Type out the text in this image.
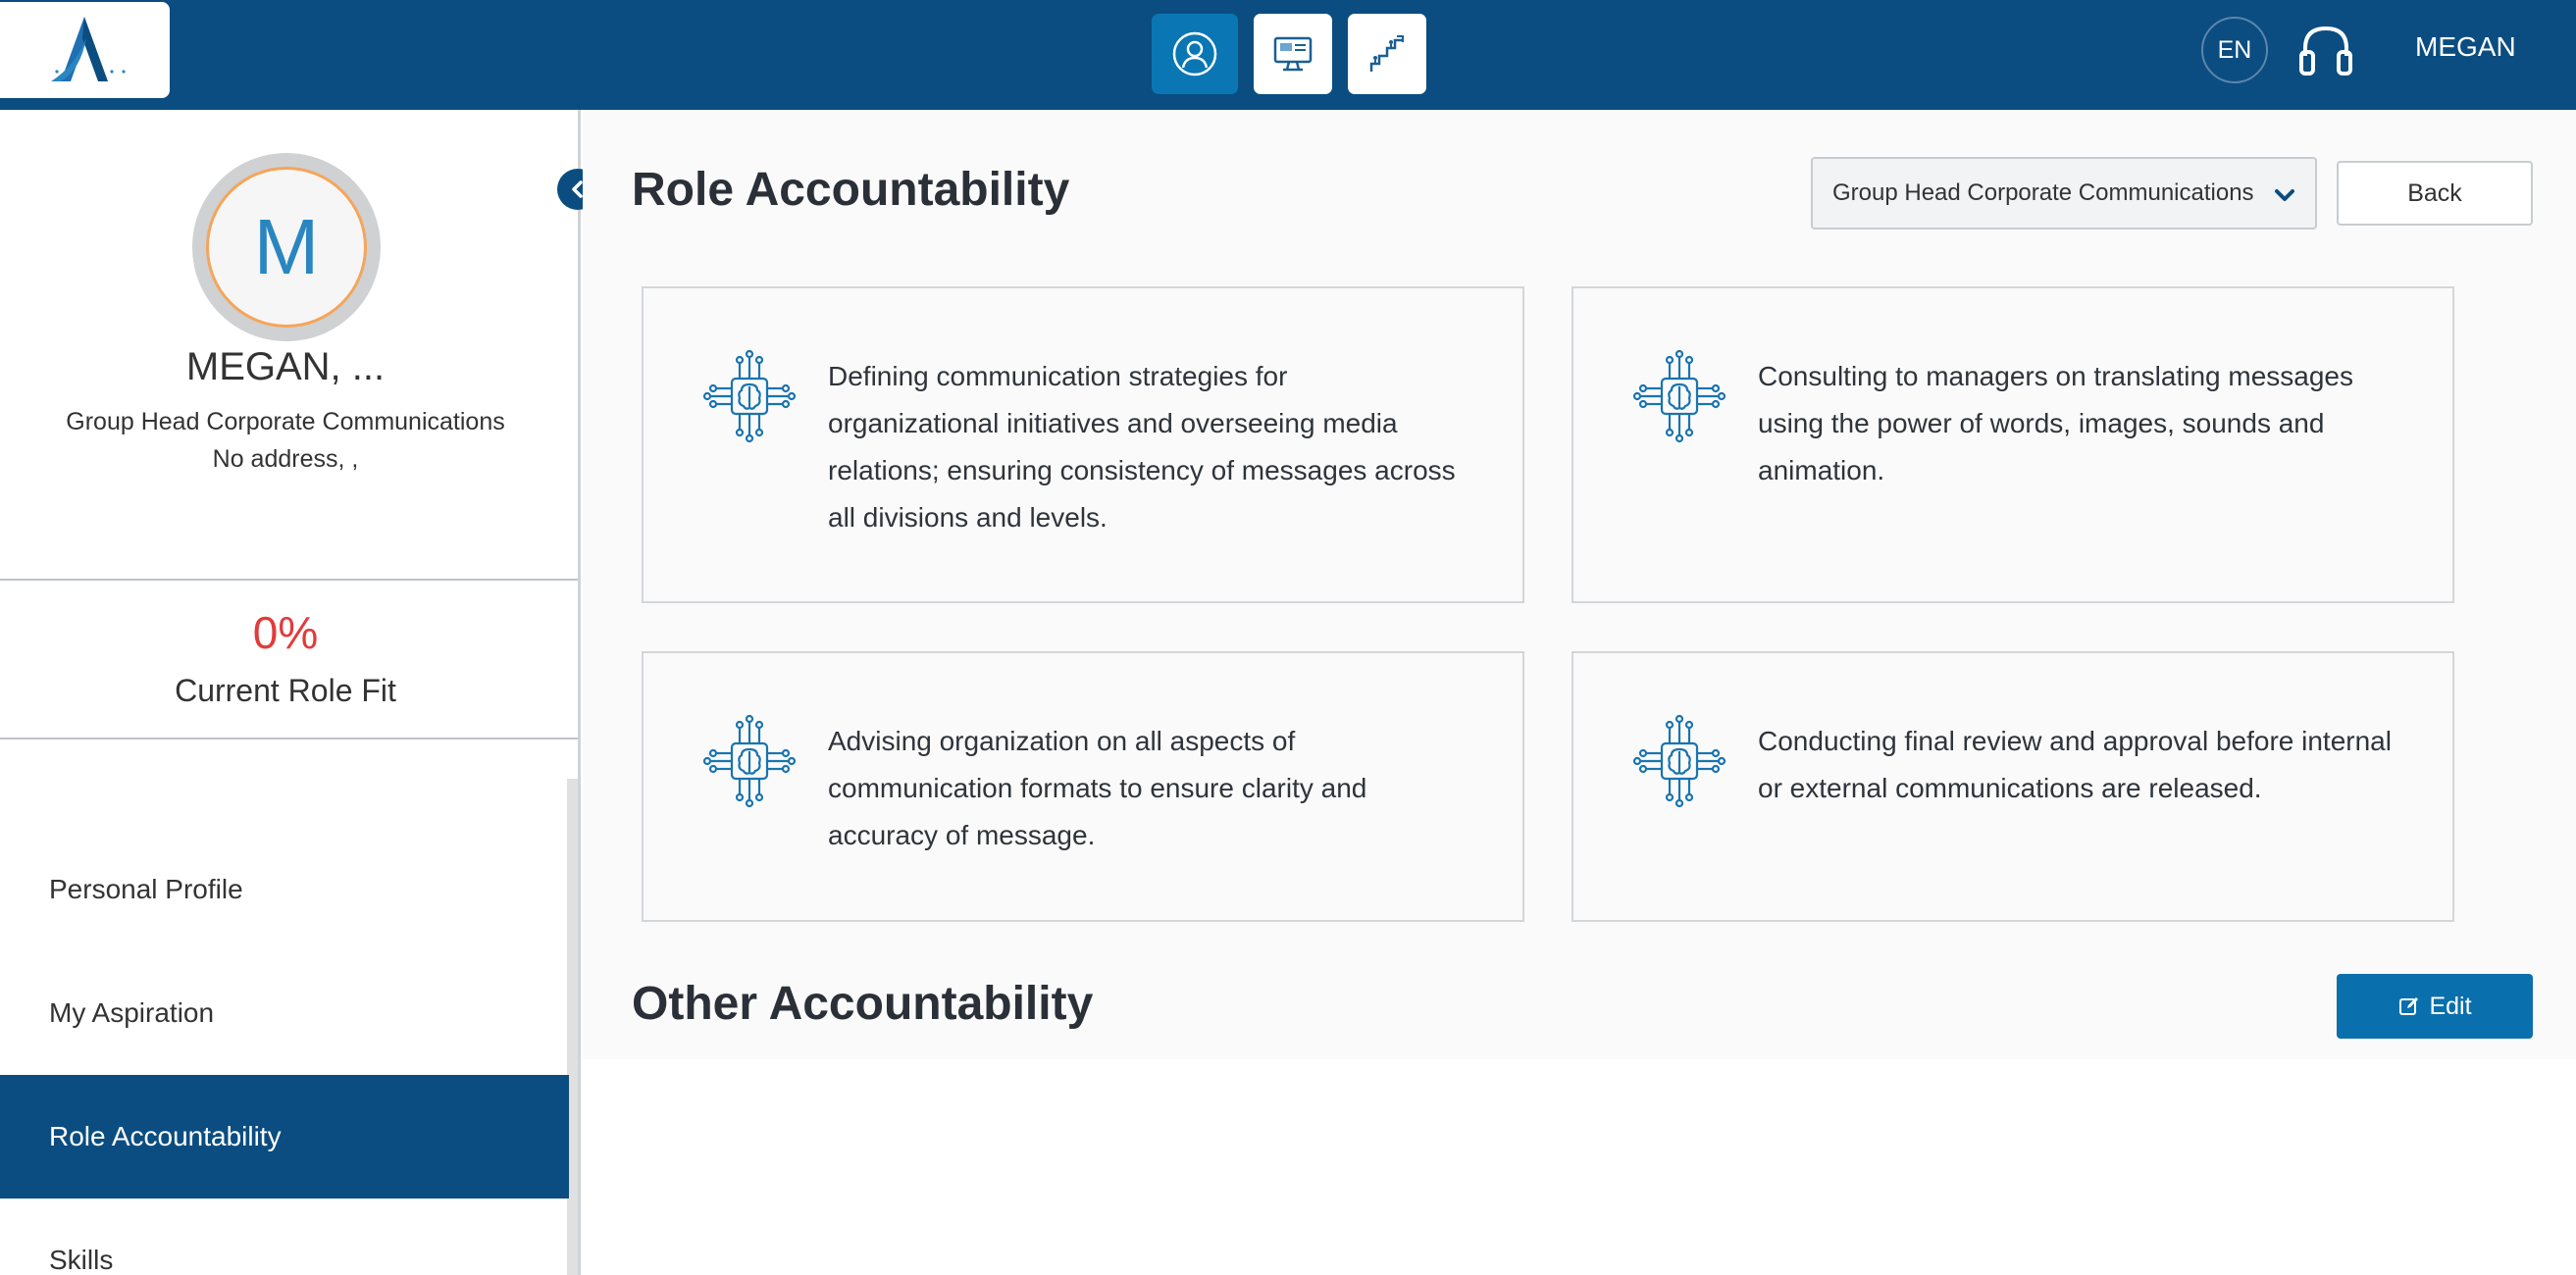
EN	MEGAN
M
MEGAN, ...
Group Head Corporate Communications
No address, ,
0%
Current Role Fit
Personal Profile
My Aspiration
Role Accountability
Skills
Role Accountability	Group Head Corporate Communications	Back
Defining communication strategies for organizational initiatives and overseeing media relations; ensuring consistency of messages across all divisions and levels.
Consulting to managers on translating messages using the power of words, images, sounds and animation.
Advising organization on all aspects of communication formats to ensure clarity and accuracy of message.
Conducting final review and approval before internal or external communications are released.
Other Accountability	Edit
